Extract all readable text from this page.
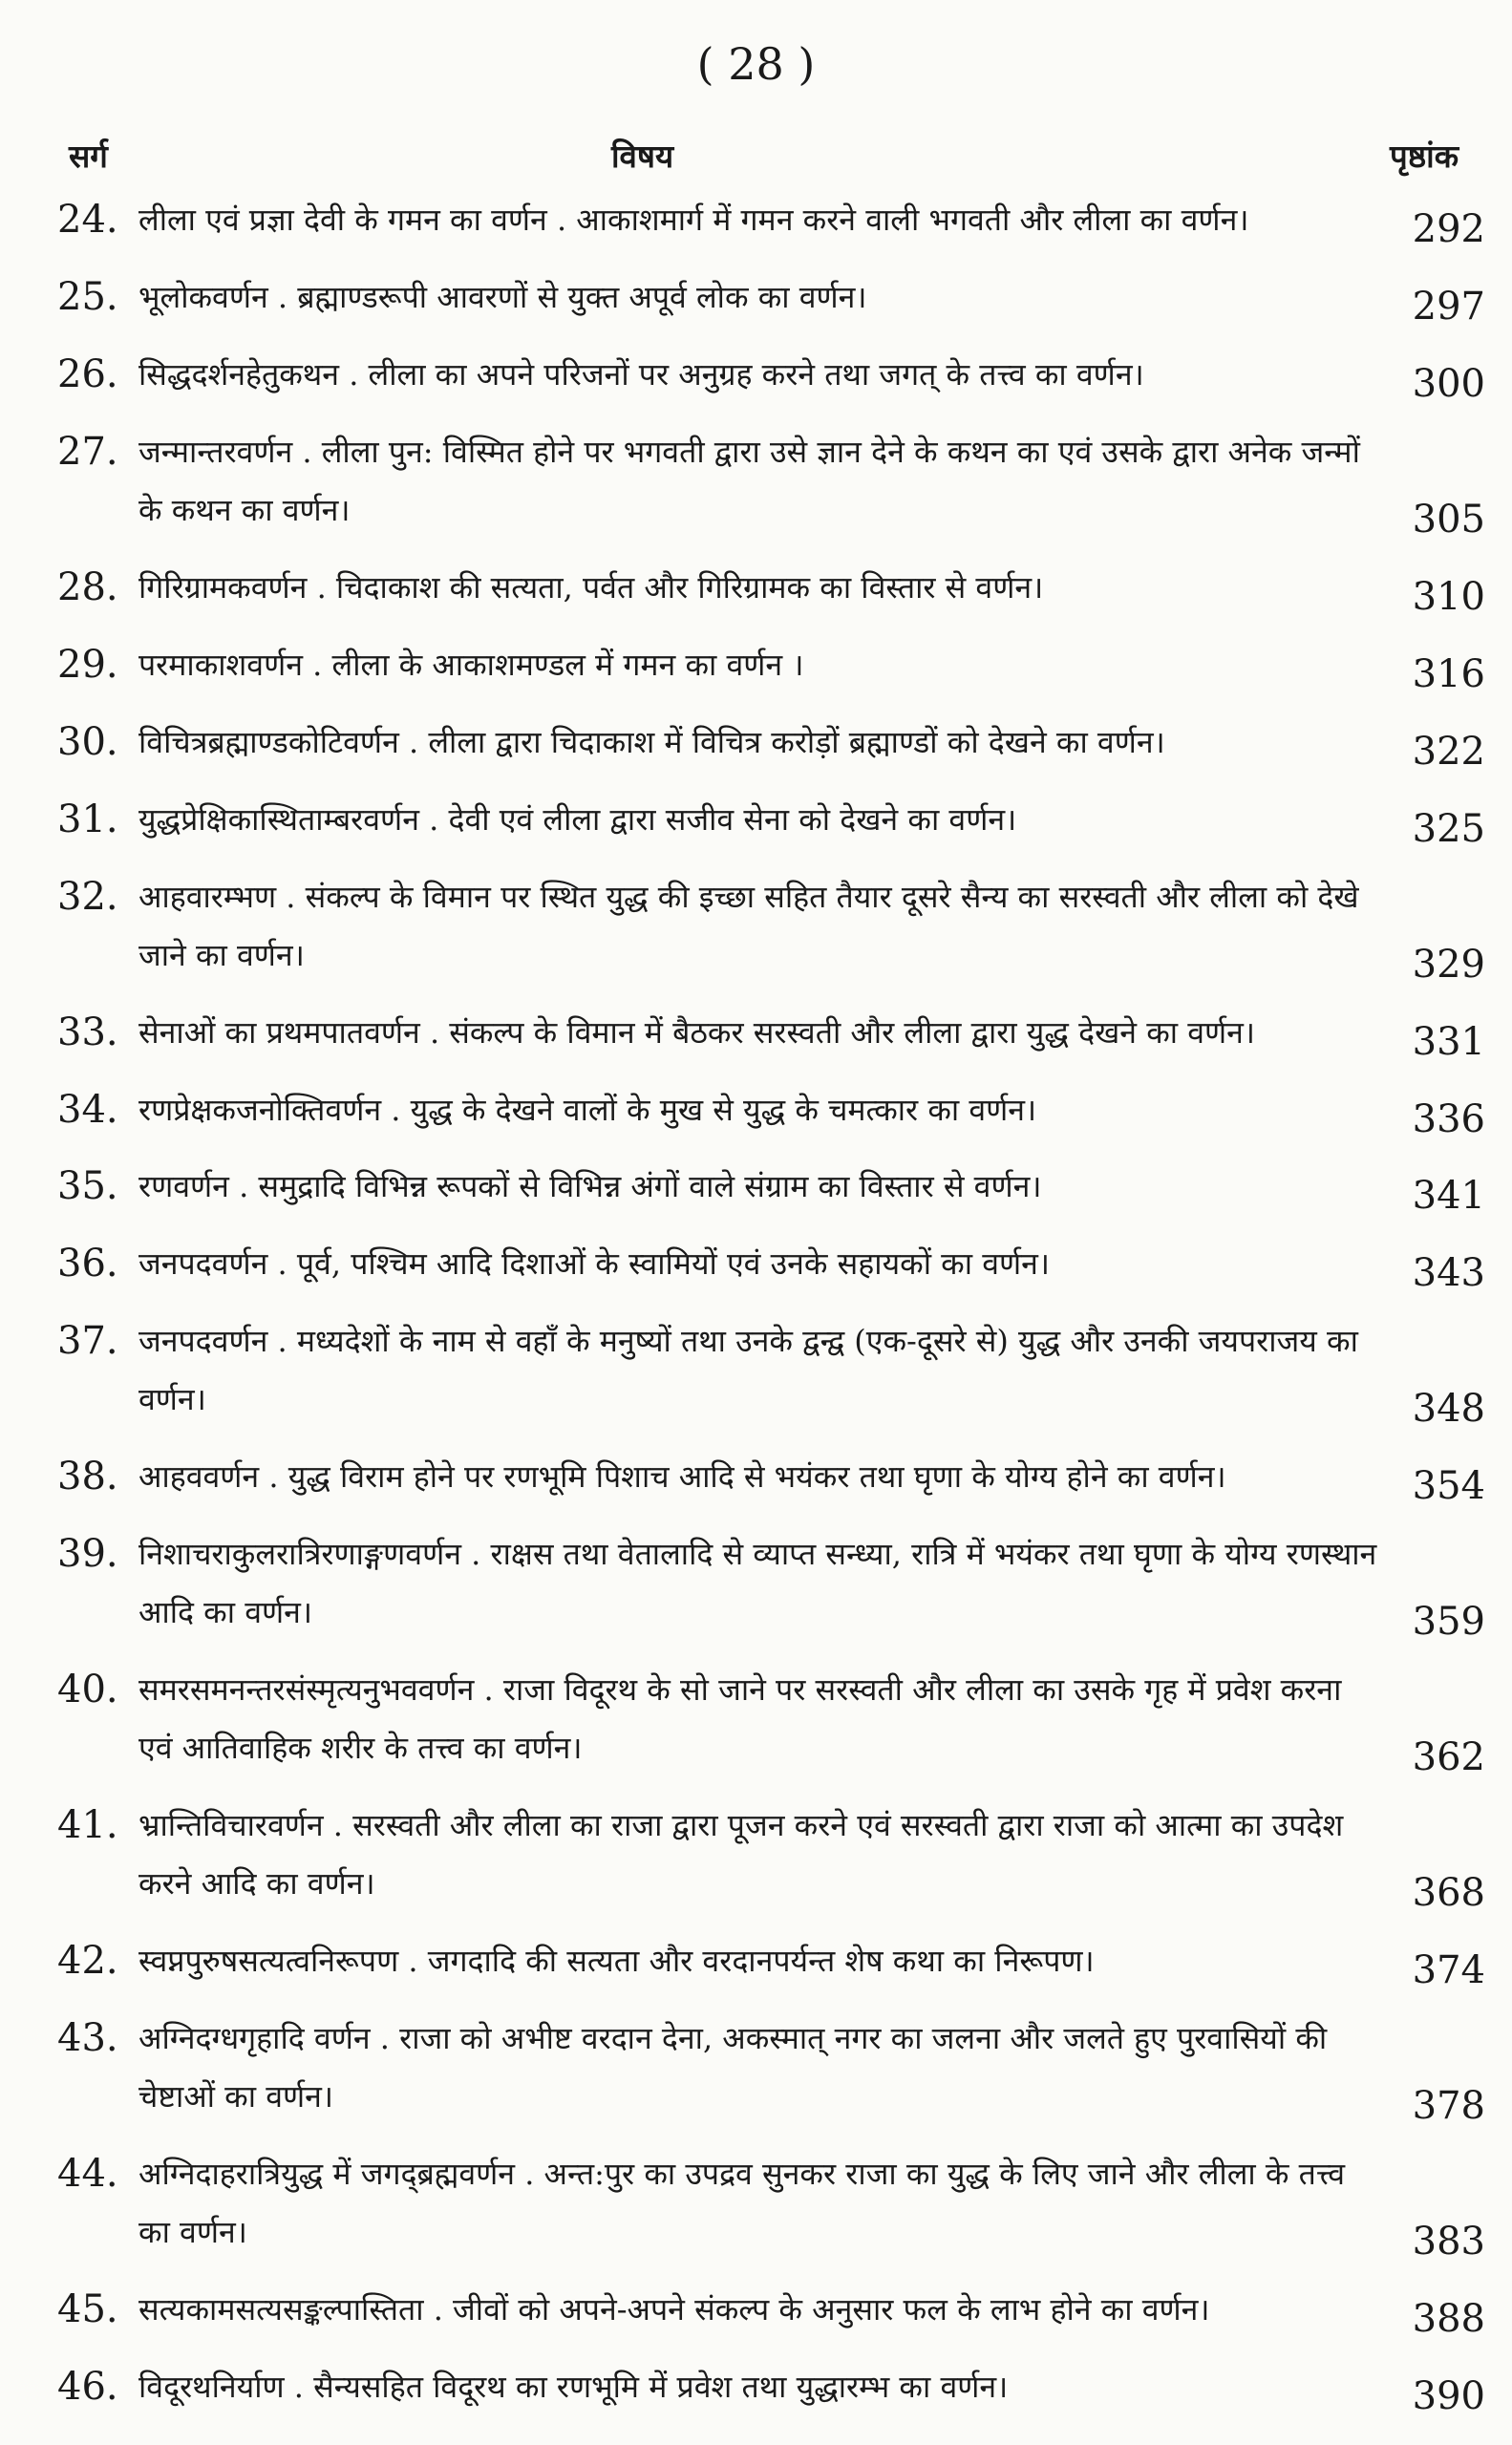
( 28 )
सर्ग	विषय	पृष्ठांक
24. लीला एवं प्रज्ञा देवी के गमन का वर्णन . आकाशमार्ग में गमन करने वाली भगवती और लीला का वर्णन।	292
25. भूलोकवर्णन . ब्रह्माण्डरूपी आवरणों से युक्त अपूर्व लोक का वर्णन।	297
26. सिद्धदर्शनहेतुकथन . लीला का अपने परिजनों पर अनुग्रह करने तथा जगत् के तत्त्व का वर्णन।	300
27. जन्मान्तरवर्णन . लीला पुन: विस्मित होने पर भगवती द्वारा उसे ज्ञान देने के कथन का एवं उसके द्वारा अनेक जन्मों के कथन का वर्णन।	305
28. गिरिग्रामकवर्णन . चिदाकाश की सत्यता, पर्वत और गिरिग्रामक का विस्तार से वर्णन।	310
29. परमाकाशवर्णन . लीला के आकाशमण्डल में गमन का वर्णन ।	316
30. विचित्रब्रह्माण्डकोटिवर्णन . लीला द्वारा चिदाकाश में विचित्र करोड़ों ब्रह्माण्डों को देखने का वर्णन।	322
31. युद्धप्रेक्षिकास्थिताम्बरवर्णन . देवी एवं लीला द्वारा सजीव सेना को देखने का वर्णन।	325
32. आहवारम्भण . संकल्प के विमान पर स्थित युद्ध की इच्छा सहित तैयार दूसरे सैन्य का सरस्वती और लीला को देखे जाने का वर्णन।	329
33. सेनाओं का प्रथमपातवर्णन . संकल्प के विमान में बैठकर सरस्वती और लीला द्वारा युद्ध देखने का वर्णन।	331
34. रणप्रेक्षकजनोक्तिवर्णन . युद्ध के देखने वालों के मुख से युद्ध के चमत्कार का वर्णन।	336
35. रणवर्णन . समुद्रादि विभिन्न रूपकों से विभिन्न अंगों वाले संग्राम का विस्तार से वर्णन।	341
36. जनपदवर्णन . पूर्व, पश्चिम आदि दिशाओं के स्वामियों एवं उनके सहायकों का वर्णन।	343
37. जनपदवर्णन . मध्यदेशों के नाम से वहाँ के मनुष्यों तथा उनके द्वन्द्व (एक-दूसरे से) युद्ध और उनकी जयपराजय का वर्णन।	348
38. आहववर्णन . युद्ध विराम होने पर रणभूमि पिशाच आदि से भयंकर तथा घृणा के योग्य होने का वर्णन।	354
39. निशाचराकुलरात्रिरणाङ्गणवर्णन . राक्षस तथा वेतालादि से व्याप्त सन्ध्या, रात्रि में भयंकर तथा घृणा के योग्य रणस्थान आदि का वर्णन।	359
40. समरसमनन्तरसंस्मृत्यनुभववर्णन . राजा विदूरथ के सो जाने पर सरस्वती और लीला का उसके गृह में प्रवेश करना एवं आतिवाहिक शरीर के तत्त्व का वर्णन।	362
41. भ्रान्तिविचारवर्णन . सरस्वती और लीला का राजा द्वारा पूजन करने एवं सरस्वती द्वारा राजा को आत्मा का उपदेश करने आदि का वर्णन।	368
42. स्वप्नपुरुषसत्यत्वनिरूपण . जगदादि की सत्यता और वरदानपर्यन्त शेष कथा का निरूपण।	374
43. अग्निदग्धगृहादि वर्णन . राजा को अभीष्ट वरदान देना, अकस्मात् नगर का जलना और जलते हुए पुरवासियों की चेष्टाओं का वर्णन।	378
44. अग्निदाहरात्रियुद्ध में जगद्ब्रह्मवर्णन . अन्त:पुर का उपद्रव सुनकर राजा का युद्ध के लिए जाने और लीला के तत्त्व का वर्णन।	383
45. सत्यकामसत्यसङ्कल्पास्तिता . जीवों को अपने-अपने संकल्प के अनुसार फल के लाभ होने का वर्णन।	388
46. विदूरथनिर्याण . सैन्यसहित विदूरथ का रणभूमि में प्रवेश तथा युद्धारम्भ का वर्णन।	390
